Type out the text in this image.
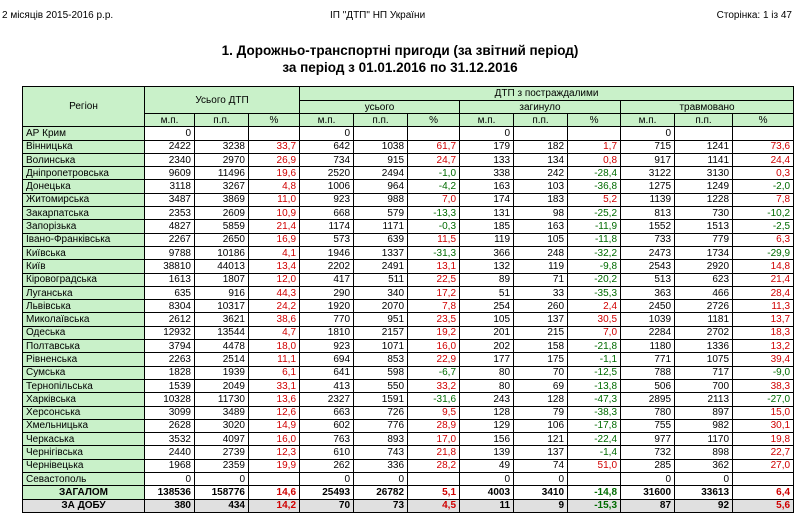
2 місяців 2015-2016 р.р.	ІП "ДТП" НП України	Сторінка: 1 із 47
1. Дорожньо-транспортні пригоди (за звітний період)
за період з 01.01.2016 по 31.12.2016
Регіон	Усього ДТП			ДТП з постраждалими								
				усього			загинуло			травмовано		
	м.п.	п.п.	%	м.п.	п.п.	%	м.п.	п.п.	%	м.п.	п.п.	%
АР Крим	0			0			0			0		
Вінницька	2422	3238	33,7	642	1038	61,7	179	182	1,7	715	1241	73,6
Волинська	2340	2970	26,9	734	915	24,7	133	134	0,8	917	1141	24,4
Дніпропетровська	9609	11496	19,6	2520	2494	-1,0	338	242	-28,4	3122	3130	0,3
Донецька	3118	3267	4,8	1006	964	-4,2	163	103	-36,8	1275	1249	-2,0
Житомирська	3487	3869	11,0	923	988	7,0	174	183	5,2	1139	1228	7,8
Закарпатська	2353	2609	10,9	668	579	-13,3	131	98	-25,2	813	730	-10,2
Запорізька	4827	5859	21,4	1174	1171	-0,3	185	163	-11,9	1552	1513	-2,5
Івано-Франківська	2267	2650	16,9	573	639	11,5	119	105	-11,8	733	779	6,3
Київська	9788	10186	4,1	1946	1337	-31,3	366	248	-32,2	2473	1734	-29,9
Київ	38810	44013	13,4	2202	2491	13,1	132	119	-9,8	2543	2920	14,8
Кіровоградська	1613	1807	12,0	417	511	22,5	89	71	-20,2	513	623	21,4
Луганська	635	916	44,3	290	340	17,2	51	33	-35,3	363	466	28,4
Львівська	8304	10317	24,2	1920	2070	7,8	254	260	2,4	2450	2726	11,3
Миколаївська	2612	3621	38,6	770	951	23,5	105	137	30,5	1039	1181	13,7
Одеська	12932	13544	4,7	1810	2157	19,2	201	215	7,0	2284	2702	18,3
Полтавська	3794	4478	18,0	923	1071	16,0	202	158	-21,8	1180	1336	13,2
Рівненська	2263	2514	11,1	694	853	22,9	177	175	-1,1	771	1075	39,4
Сумська	1828	1939	6,1	641	598	-6,7	80	70	-12,5	788	717	-9,0
Тернопільська	1539	2049	33,1	413	550	33,2	80	69	-13,8	506	700	38,3
Харківська	10328	11730	13,6	2327	1591	-31,6	243	128	-47,3	2895	2113	-27,0
Херсонська	3099	3489	12,6	663	726	9,5	128	79	-38,3	780	897	15,0
Хмельницька	2628	3020	14,9	602	776	28,9	129	106	-17,8	755	982	30,1
Черкаська	3532	4097	16,0	763	893	17,0	156	121	-22,4	977	1170	19,8
Чернігівська	2440	2739	12,3	610	743	21,8	139	137	-1,4	732	898	22,7
Чернівецька	1968	2359	19,9	262	336	28,2	49	74	51,0	285	362	27,0
Севастополь	0	0		0	0		0	0		0	0	
ЗАГАЛОМ	138536	158776	14,6	25493	26782	5,1	4003	3410	-14,8	31600	33613	6,4
ЗА ДОБУ	380	434	14,2	70	73	4,5	11	9	-15,3	87	92	5,6
